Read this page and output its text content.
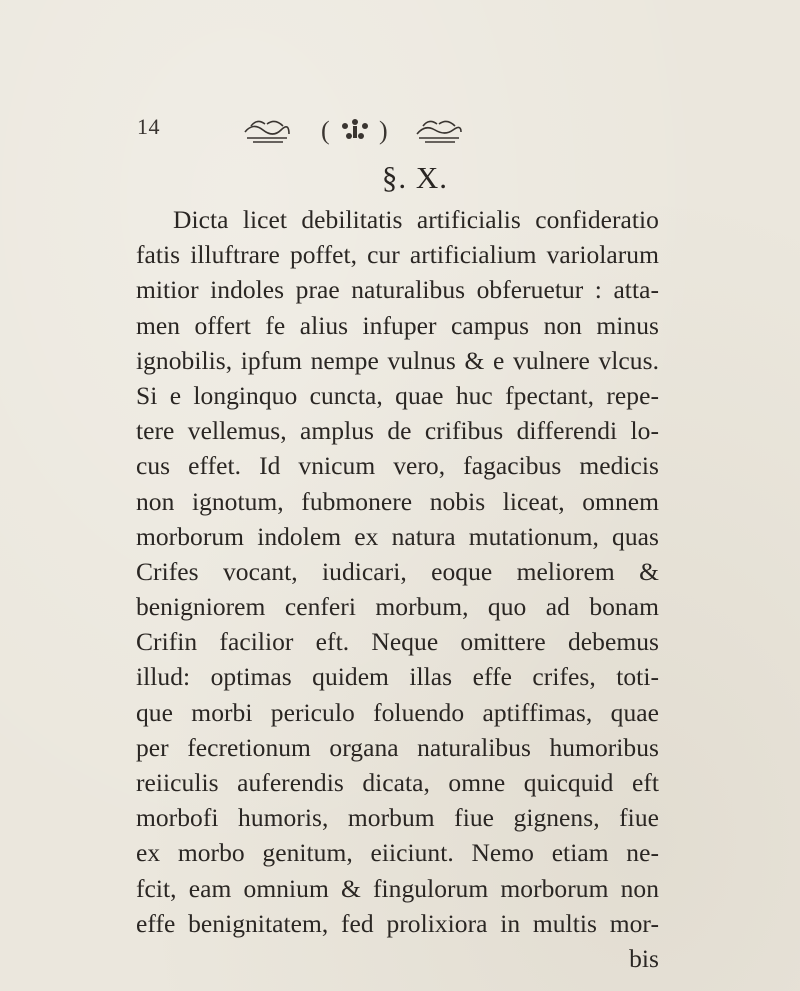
14	( )
§. X.
Dicta licet debilitatis artificialis confideratio
fatis illuftrare poffet, cur artificialium variolarum
mitior indoles prae naturalibus obferuetur : atta-
men offert fe alius infuper campus non minus
ignobilis, ipfum nempe vulnus & e vulnere vlcus.
Si e longinquo cuncta, quae huc fpectant, repe-
tere vellemus, amplus de crifibus differendi lo-
cus effet. Id vnicum vero, fagacibus medicis
non ignotum, fubmonere nobis liceat, omnem
morborum indolem ex natura mutationum, quas
Crifes vocant, iudicari, eoque meliorem &
benigniorem cenferi morbum, quo ad bonam
Crifin facilior eft. Neque omittere debemus
illud: optimas quidem illas effe crifes, toti-
que morbi periculo foluendo aptiffimas, quae
per fecretionum organa naturalibus humoribus
reiiculis auferendis dicata, omne quicquid eft
morbofi humoris, morbum fiue gignens, fiue
ex morbo genitum, eiiciunt. Nemo etiam ne-
fcit, eam omnium & fingulorum morborum non
effe benignitatem, fed prolixiora in multis mor-
bis
